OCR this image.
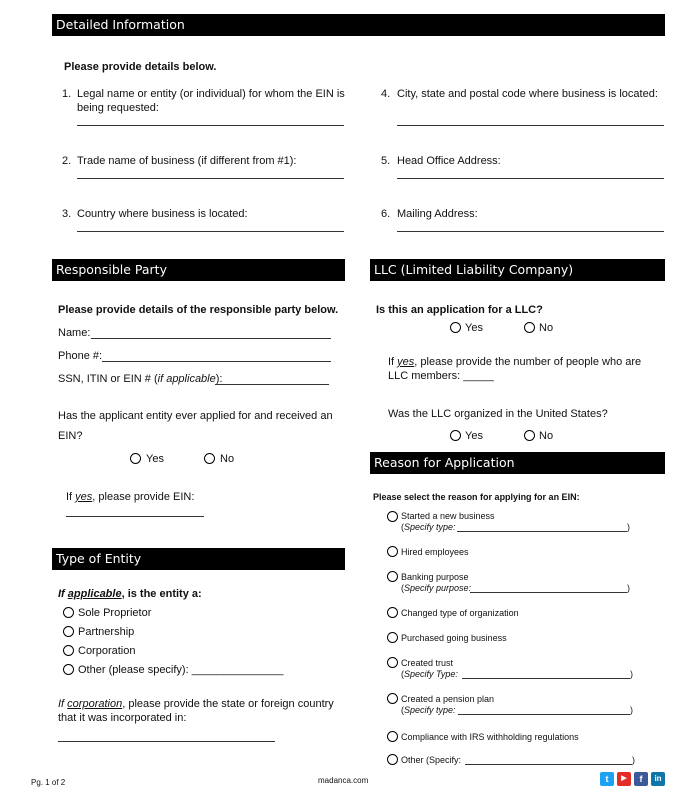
Detailed Information
Please provide details below.
1. Legal name or entity (or individual) for whom the EIN is
being requested:
2. Trade name of business (if different from #1):
3. Country where business is located:
4. City, state and postal code where business is located:
5. Head Office Address:
6. Mailing Address:
Responsible Party
Please provide details of the responsible party below.
Name:
Phone #:
SSN, ITIN or EIN # (if applicable):
Has the applicant entity ever applied for and received an
EIN?
Yes	No
If yes, please provide EIN:
Type of Entity
If applicable, is the entity a:
Sole Proprietor
Partnership
Corporation
Other (please specify): _______________
If corporation, please provide the state or foreign country
that it was incorporated in:
LLC (Limited Liability Company)
Is this an application for a LLC?
Yes	No
If yes, please provide the number of people who are
LLC members: _____
Was the LLC organized in the United States?
Yes	No
Reason for Application
Please select the reason for applying for an EIN:
Started a new business
(Specify type:	)
Hired employees
Banking purpose
(Specify purpose:	)
Changed type of organization
Purchased going business
Created trust
(Specify Type:	)
Created a pension plan
(Specify type:	)
Compliance with IRS withholding regulations
Other (Specify:	)
Pg. 1 of 2	madanca.com	t	▶	f	in
